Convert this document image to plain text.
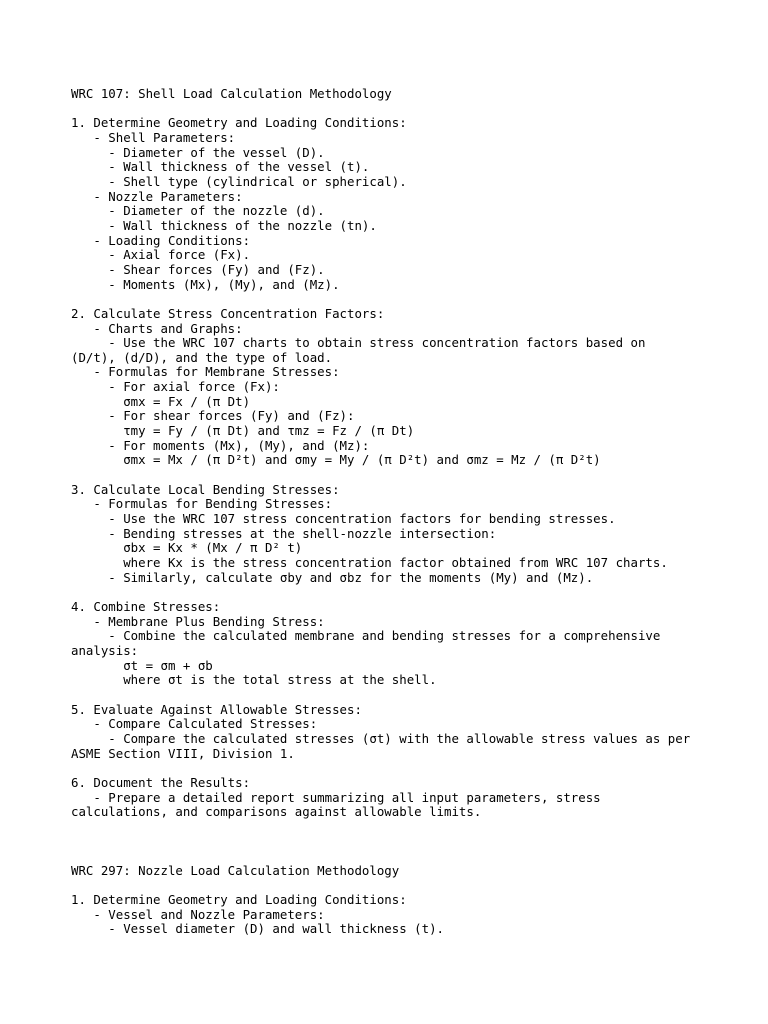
WRC 107: Shell Load Calculation Methodology
1. Determine Geometry and Loading Conditions:
- Shell Parameters:
- Diameter of the vessel (D).
- Wall thickness of the vessel (t).
- Shell type (cylindrical or spherical).
- Nozzle Parameters:
- Diameter of the nozzle (d).
- Wall thickness of the nozzle (tn).
- Loading Conditions:
- Axial force (Fx).
- Shear forces (Fy) and (Fz).
- Moments (Mx), (My), and (Mz).
2. Calculate Stress Concentration Factors:
- Charts and Graphs:
- Use the WRC 107 charts to obtain stress concentration factors based on
(D/t), (d/D), and the type of load.
- Formulas for Membrane Stresses:
- For axial force (Fx):
σmx = Fx / (π Dt)
- For shear forces (Fy) and (Fz):
τmy = Fy / (π Dt) and τmz = Fz / (π Dt)
- For moments (Mx), (My), and (Mz):
σmx = Mx / (π D²t) and σmy = My / (π D²t) and σmz = Mz / (π D²t)
3. Calculate Local Bending Stresses:
- Formulas for Bending Stresses:
- Use the WRC 107 stress concentration factors for bending stresses.
- Bending stresses at the shell-nozzle intersection:
σbx = Kx * (Mx / π D² t)
where Kx is the stress concentration factor obtained from WRC 107 charts.
- Similarly, calculate σby and σbz for the moments (My) and (Mz).
4. Combine Stresses:
- Membrane Plus Bending Stress:
- Combine the calculated membrane and bending stresses for a comprehensive
analysis:
σt = σm + σb
where σt is the total stress at the shell.
5. Evaluate Against Allowable Stresses:
- Compare Calculated Stresses:
- Compare the calculated stresses (σt) with the allowable stress values as per
ASME Section VIII, Division 1.
6. Document the Results:
- Prepare a detailed report summarizing all input parameters, stress
calculations, and comparisons against allowable limits.
WRC 297: Nozzle Load Calculation Methodology
1. Determine Geometry and Loading Conditions:
- Vessel and Nozzle Parameters:
- Vessel diameter (D) and wall thickness (t).
